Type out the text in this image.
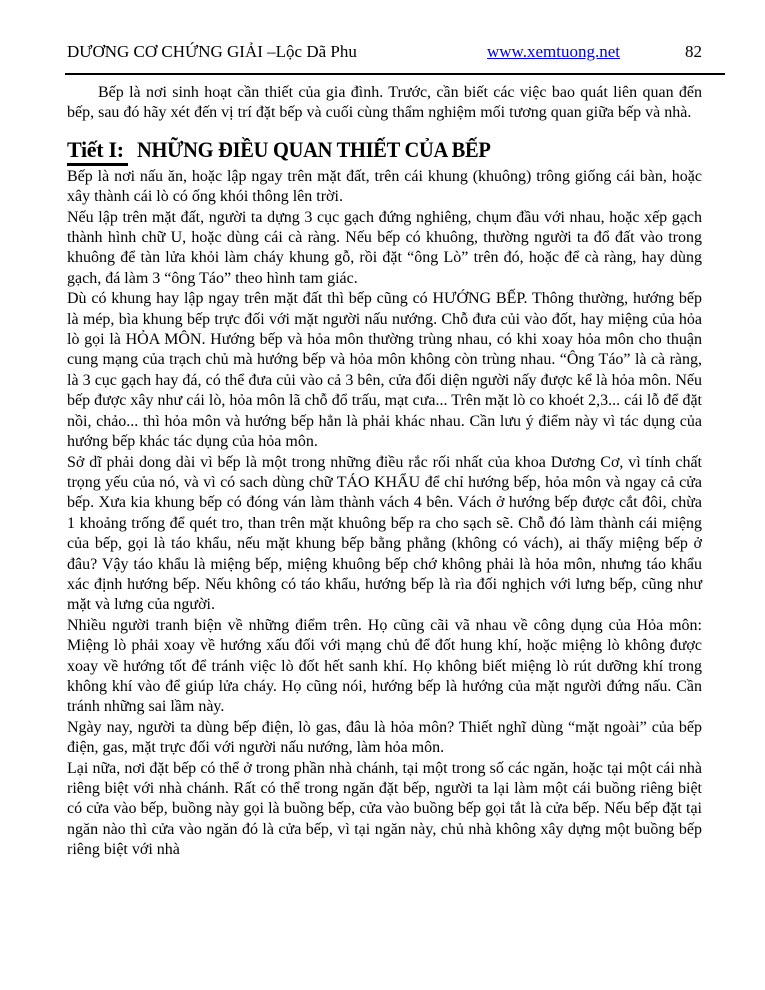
DƯƠNG CƠ CHỨNG GIẢI –Lộc Dã Phu	www.xemtuong.net	82

Bếp là nơi sinh hoạt cần thiết của gia đình. Trước, cần biết các việc bao quát liên quan đến bếp, sau đó hãy xét đến vị trí đặt bếp và cuối cùng thẩm nghiệm mối tương quan giữa bếp và nhà.

Tiết I: NHỮNG ĐIỀU QUAN THIẾT CỦA BẾP

Bếp là nơi nấu ăn, hoặc lập ngay trên mặt đất, trên cái khung (khuông) trông giống cái bàn, hoặc xây thành cái lò có ống khói thông lên trời.

Nếu lập trên mặt đất, người ta dựng 3 cục gạch đứng nghiêng, chụm đầu với nhau, hoặc xếp gạch thành hình chữ U, hoặc dùng cái cà ràng. Nếu bếp có khuông, thường người ta đổ đất vào trong khuông để tàn lửa khỏi làm cháy khung gỗ, rồi đặt “ông Lò” trên đó, hoặc để cà ràng, hay dùng gạch, đá làm 3 “ông Táo” theo hình tam giác.

Dù có khung hay lập ngay trên mặt đất thì bếp cũng có HƯỚNG BẾP. Thông thường, hướng bếp là mép, bìa khung bếp trực đối với mặt người nấu nướng. Chỗ đưa củi vào đốt, hay miệng của hỏa lò gọi là HỎA MÔN. Hướng bếp và hỏa môn thường trùng nhau, có khi xoay hỏa môn cho thuận cung mạng của trạch chủ mà hướng bếp và hỏa môn không còn trùng nhau. “Ông Táo” là cà ràng, là 3 cục gạch hay đá, có thể đưa củi vào cả 3 bên, cửa đối diện người nấy được kể là hỏa môn. Nếu bếp được xây như cái lò, hỏa môn lã chỗ đổ trấu, mạt cưa... Trên mặt lò co khoét 2,3... cái lỗ để đặt nồi, chảo... thì hỏa môn và hướng bếp hẳn là phải khác nhau. Cần lưu ý điểm này vì tác dụng của hướng bếp khác tác dụng của hỏa môn.

Sở dĩ phải dong dài vì bếp là một trong những điều rắc rối nhất của khoa Dương Cơ, vì tính chất trọng yếu của nó, và vì có sach dùng chữ TÁO KHẨU để chỉ hướng bếp, hỏa môn và ngay cả cửa bếp. Xưa kia khung bếp có đóng ván làm thành vách 4 bên. Vách ở hướng bếp được cắt đôi, chừa 1 khoảng trống để quét tro, than trên mặt khuông bếp ra cho sạch sẽ. Chỗ đó làm thành cái miệng của bếp, gọi là táo khẩu, nếu mặt khung bếp bằng phẳng (không có vách), ai thấy miệng bếp ở đâu? Vậy táo khẩu là miệng bếp, miệng khuông bếp chớ không phải là hỏa môn, nhưng táo khẩu xác định hướng bếp. Nếu không có táo khẩu, hướng bếp là rìa đối nghịch với lưng bếp, cũng như mặt và lưng của người.

Nhiều người tranh biện về những điểm trên. Họ cũng cãi vã nhau về công dụng của Hỏa môn: Miệng lò phải xoay về hướng xấu đối với mạng chủ để đốt hung khí, hoặc miệng lò không được xoay về hướng tốt để tránh việc lò đốt hết sanh khí. Họ không biết miệng lò rút dưỡng khí trong không khí vào để giúp lửa cháy. Họ cũng nói, hướng bếp là hướng của mặt người đứng nấu. Cần tránh những sai lầm này.

Ngày nay, người ta dùng bếp điện, lò gas, đâu là hỏa môn? Thiết nghĩ dùng “mặt ngoài” của bếp điện, gas, mặt trực đối với người nấu nướng, làm hỏa môn.

Lại nữa, nơi đặt bếp có thể ở trong phần nhà chánh, tại một trong số các ngăn, hoặc tại một cái nhà riêng biệt với nhà chánh. Rất có thể trong ngăn đặt bếp, người ta lại làm một cái buồng riêng biệt có cửa vào bếp, buồng này gọi là buồng bếp, cửa vào buồng bếp gọi tắt là cửa bếp. Nếu bếp đặt tại ngăn nào thì cửa vào ngăn đó là cửa bếp, vì tại ngăn này, chủ nhà không xây dựng một buồng bếp riêng biệt với nhà
